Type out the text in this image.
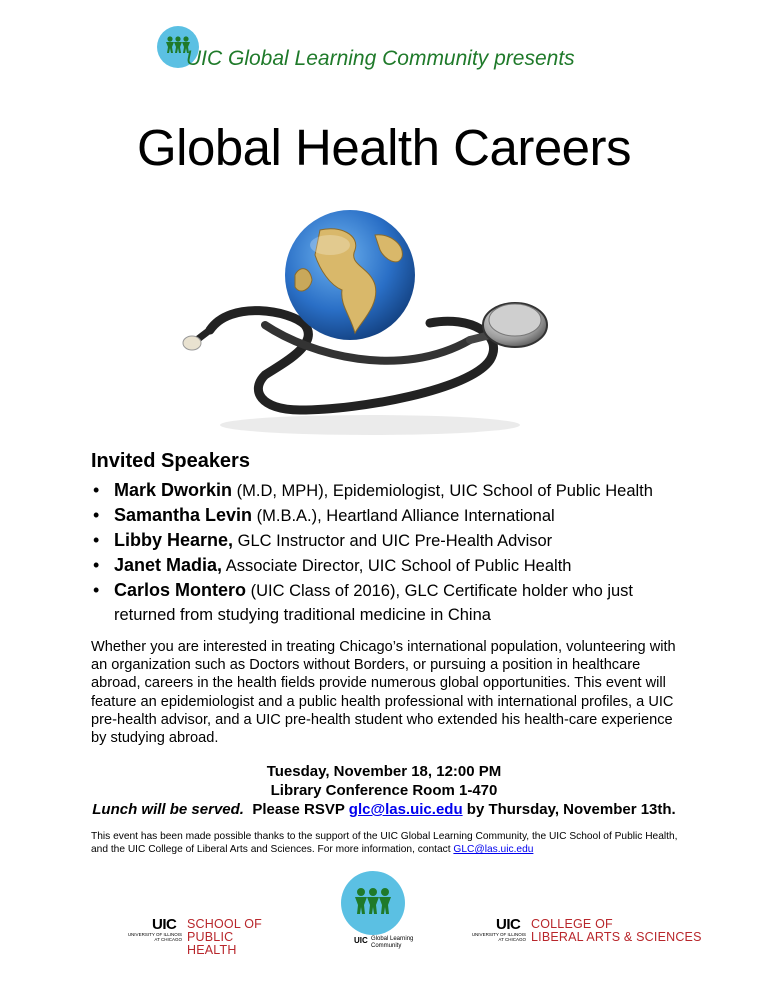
UIC Global Learning Community presents
Global Health Careers
Invited Speakers
• Mark Dworkin (M.D, MPH), Epidemiologist, UIC School of Public Health
• Samantha Levin (M.B.A.), Heartland Alliance International
• Libby Hearne, GLC Instructor and UIC Pre-Health Advisor
• Janet Madia, Associate Director, UIC School of Public Health
• Carlos Montero (UIC Class of 2016), GLC Certificate holder who just
returned from studying traditional medicine in China
Whether you are interested in treating Chicago’s international population, volunteering with an organization such as Doctors without Borders, or pursuing a position in healthcare abroad, careers in the health fields provide numerous global opportunities. This event will feature an epidemiologist and a public health professional with international profiles, a UIC pre-health advisor, and a UIC pre-health student who extended his health-care experience by studying abroad.
Tuesday, November 18, 12:00 PM
Library Conference Room 1-470
Lunch will be served.  Please RSVP glc@las.uic.edu by Thursday, November 13th.
This event has been made possible thanks to the support of the UIC Global Learning Community, the UIC School of Public Health, and the UIC College of Liberal Arts and Sciences. For more information, contact GLC@las.uic.edu
UIC
UNIVERSITY OF ILLINOIS
AT CHICAGO
SCHOOL OF
PUBLIC HEALTH
UIC Global Learning
Community
UIC
UNIVERSITY OF ILLINOIS
AT CHICAGO
COLLEGE OF
LIBERAL ARTS & SCIENCES
